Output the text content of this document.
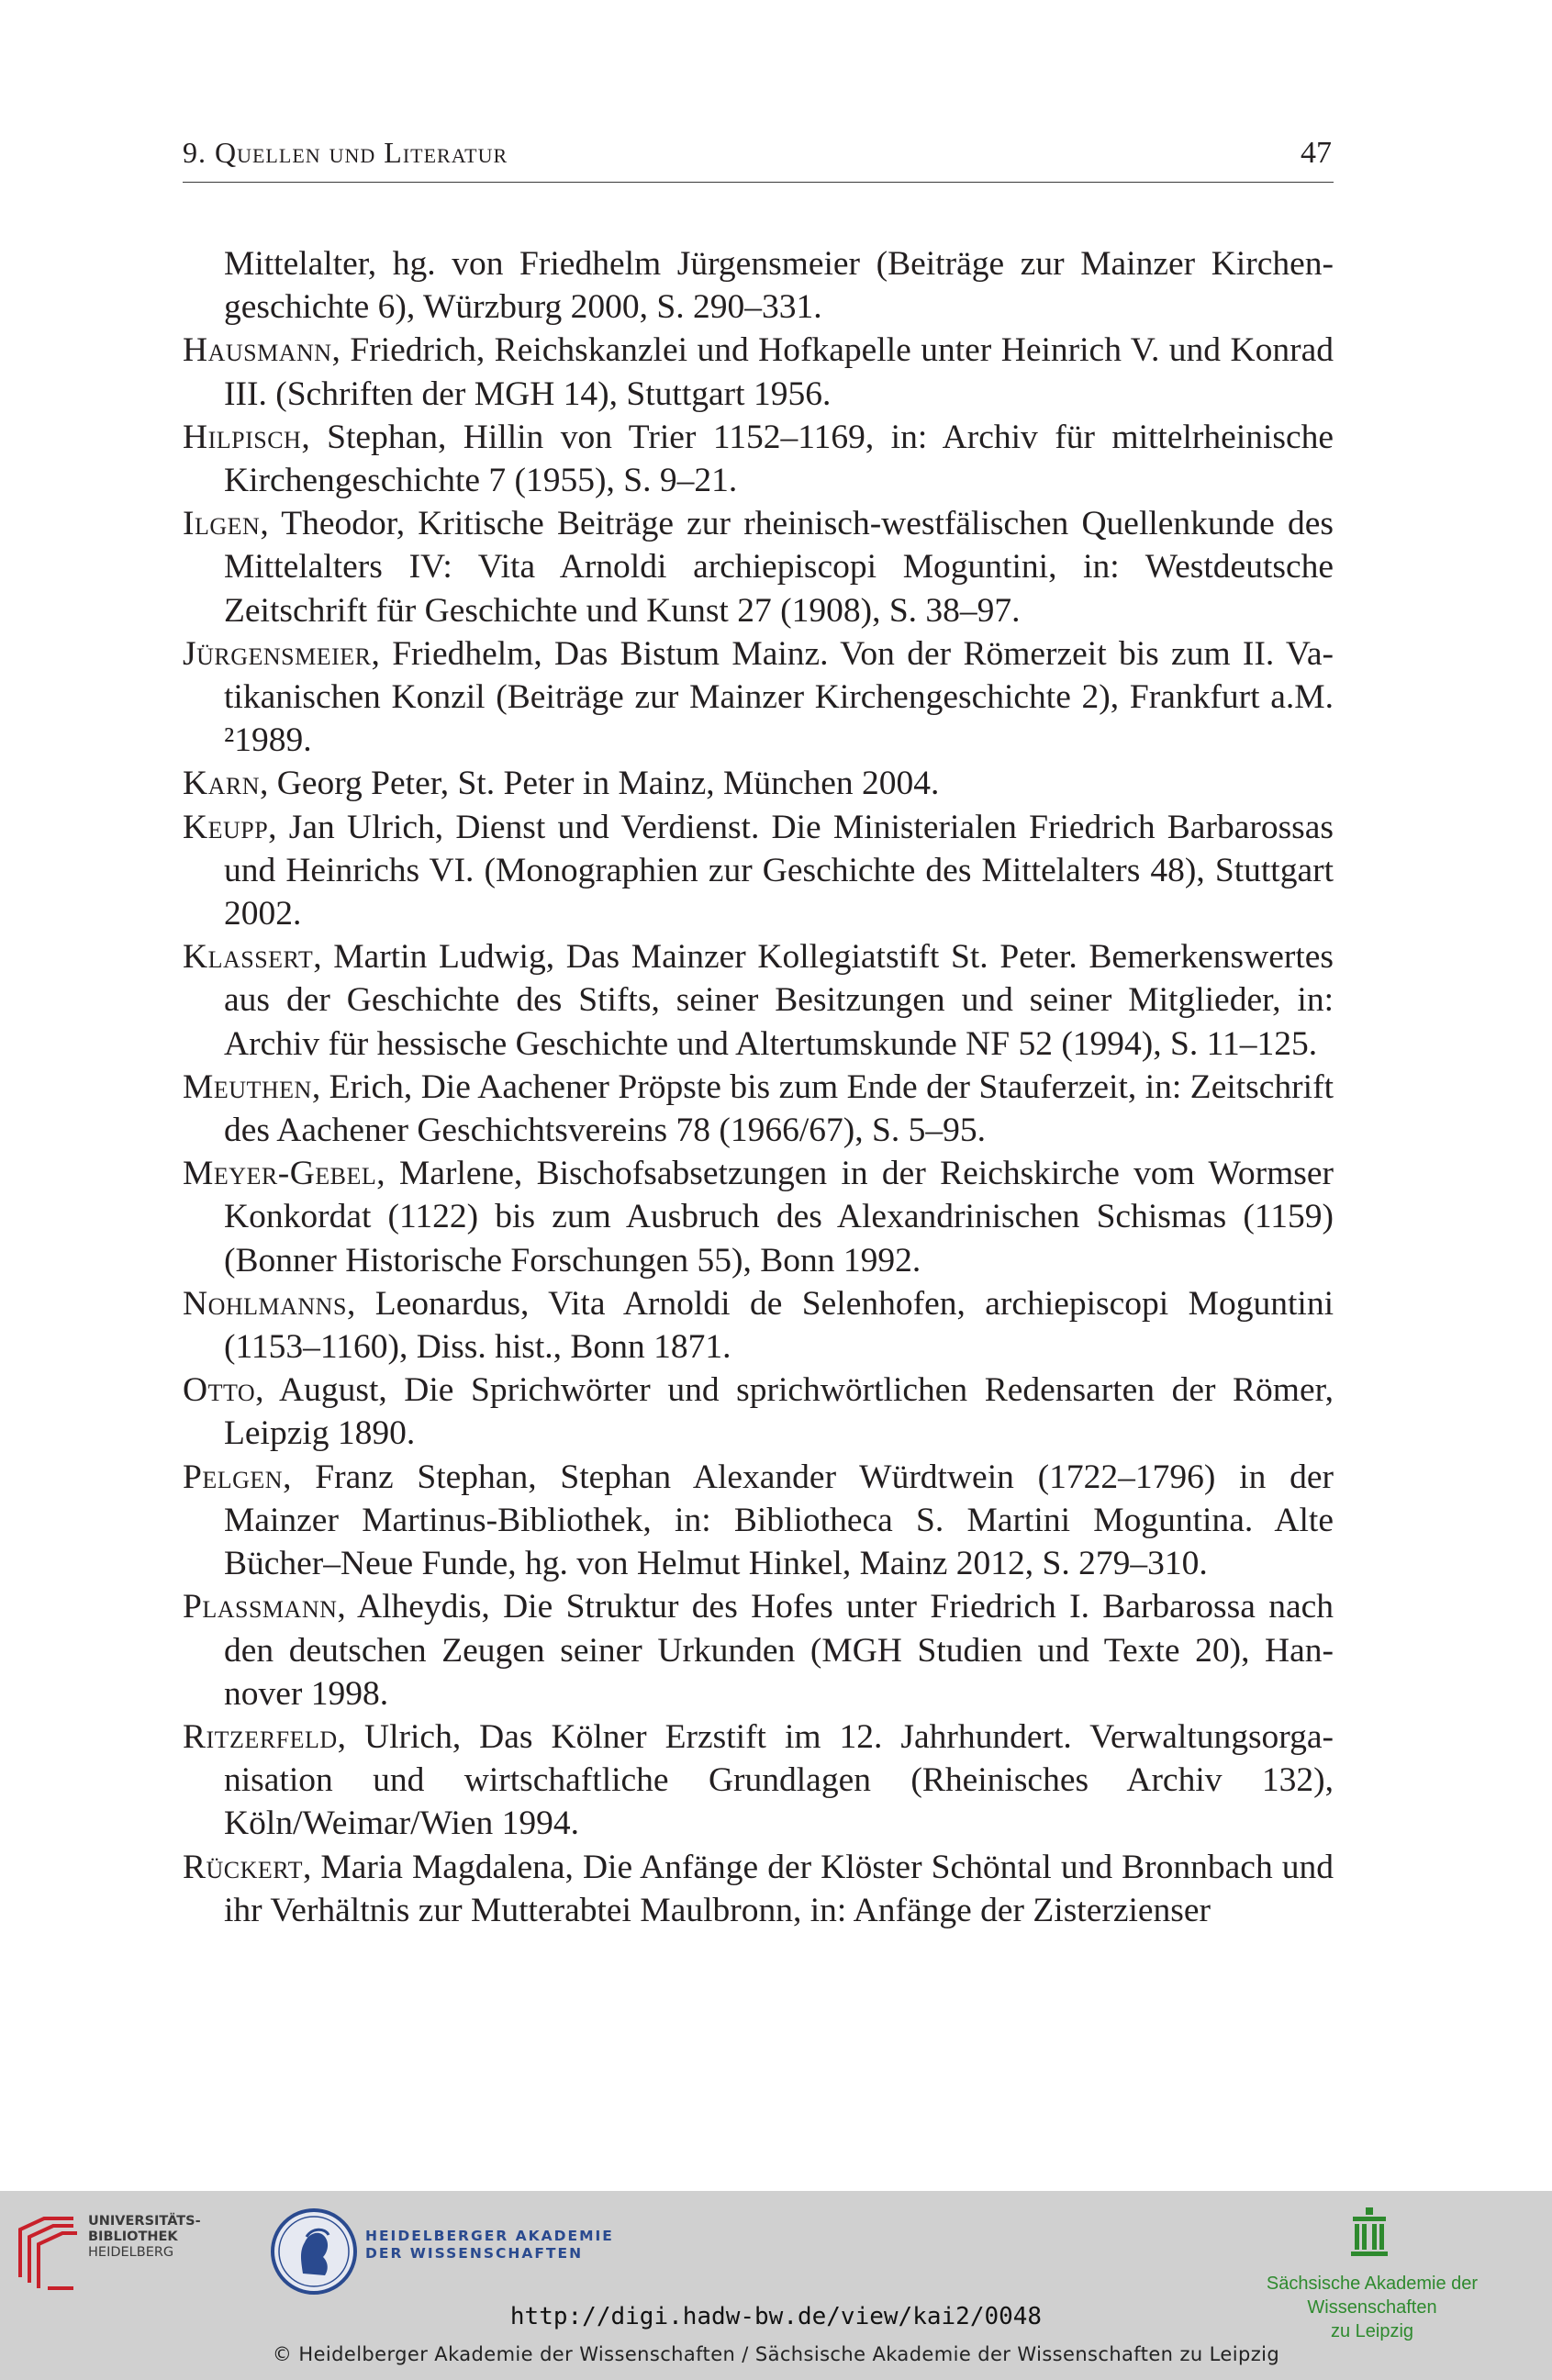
9. Quellen und Literatur	47

Mittelalter, hg. von Friedhelm Jürgensmeier (Beiträge zur Mainzer Kirchengeschichte 6), Würzburg 2000, S. 290–331.

Hausmann, Friedrich, Reichskanzlei und Hofkapelle unter Heinrich V. und Konrad III. (Schriften der MGH 14), Stuttgart 1956.

Hilpisch, Stephan, Hillin von Trier 1152–1169, in: Archiv für mittelrheinische Kirchengeschichte 7 (1955), S. 9–21.

Ilgen, Theodor, Kritische Beiträge zur rheinisch-westfälischen Quellenkunde des Mittelalters IV: Vita Arnoldi archiepiscopi Moguntini, in: Westdeutsche Zeitschrift für Geschichte und Kunst 27 (1908), S. 38–97.

Jürgensmeier, Friedhelm, Das Bistum Mainz. Von der Römerzeit bis zum II. Vatikanischen Konzil (Beiträge zur Mainzer Kirchengeschichte 2), Frankfurt a.M. ²1989.

Karn, Georg Peter, St. Peter in Mainz, München 2004.

Keupp, Jan Ulrich, Dienst und Verdienst. Die Ministerialen Friedrich Barbarossas und Heinrichs VI. (Monographien zur Geschichte des Mittelalters 48), Stuttgart 2002.

Klassert, Martin Ludwig, Das Mainzer Kollegiatstift St. Peter. Bemerkenswertes aus der Geschichte des Stifts, seiner Besitzungen und seiner Mitglieder, in: Archiv für hessische Geschichte und Altertumskunde NF 52 (1994), S. 11–125.

Meuthen, Erich, Die Aachener Pröpste bis zum Ende der Stauferzeit, in: Zeitschrift des Aachener Geschichtsvereins 78 (1966/67), S. 5–95.

Meyer-Gebel, Marlene, Bischofsabsetzungen in der Reichskirche vom Wormser Konkordat (1122) bis zum Ausbruch des Alexandrinischen Schismas (1159) (Bonner Historische Forschungen 55), Bonn 1992.

Nohlmanns, Leonardus, Vita Arnoldi de Selenhofen, archiepiscopi Moguntini (1153–1160), Diss. hist., Bonn 1871.

Otto, August, Die Sprichwörter und sprichwörtlichen Redensarten der Römer, Leipzig 1890.

Pelgen, Franz Stephan, Stephan Alexander Würdtwein (1722–1796) in der Mainzer Martinus-Bibliothek, in: Bibliotheca S. Martini Moguntina. Alte Bücher–Neue Funde, hg. von Helmut Hinkel, Mainz 2012, S. 279–310.

Plassmann, Alheydis, Die Struktur des Hofes unter Friedrich I. Barbarossa nach den deutschen Zeugen seiner Urkunden (MGH Studien und Texte 20), Hannover 1998.

Ritzerfeld, Ulrich, Das Kölner Erzstift im 12. Jahrhundert. Verwaltungsorganisation und wirtschaftliche Grundlagen (Rheinisches Archiv 132), Köln/Weimar/Wien 1994.

Rückert, Maria Magdalena, Die Anfänge der Klöster Schöntal und Bronnbach und ihr Verhältnis zur Mutterabtei Maulbronn, in: Anfänge der Zisterzienser

UNIVERSITÄTS-
BIBLIOTHEK
HEIDELBERG
HEIDELBERGER AKADEMIE
DER WISSENSCHAFTEN
Sächsische Akademie der Wissenschaften
zu Leipzig
http://digi.hadw-bw.de/view/kai2/0048
© Heidelberger Akademie der Wissenschaften / Sächsische Akademie der Wissenschaften zu Leipzig
